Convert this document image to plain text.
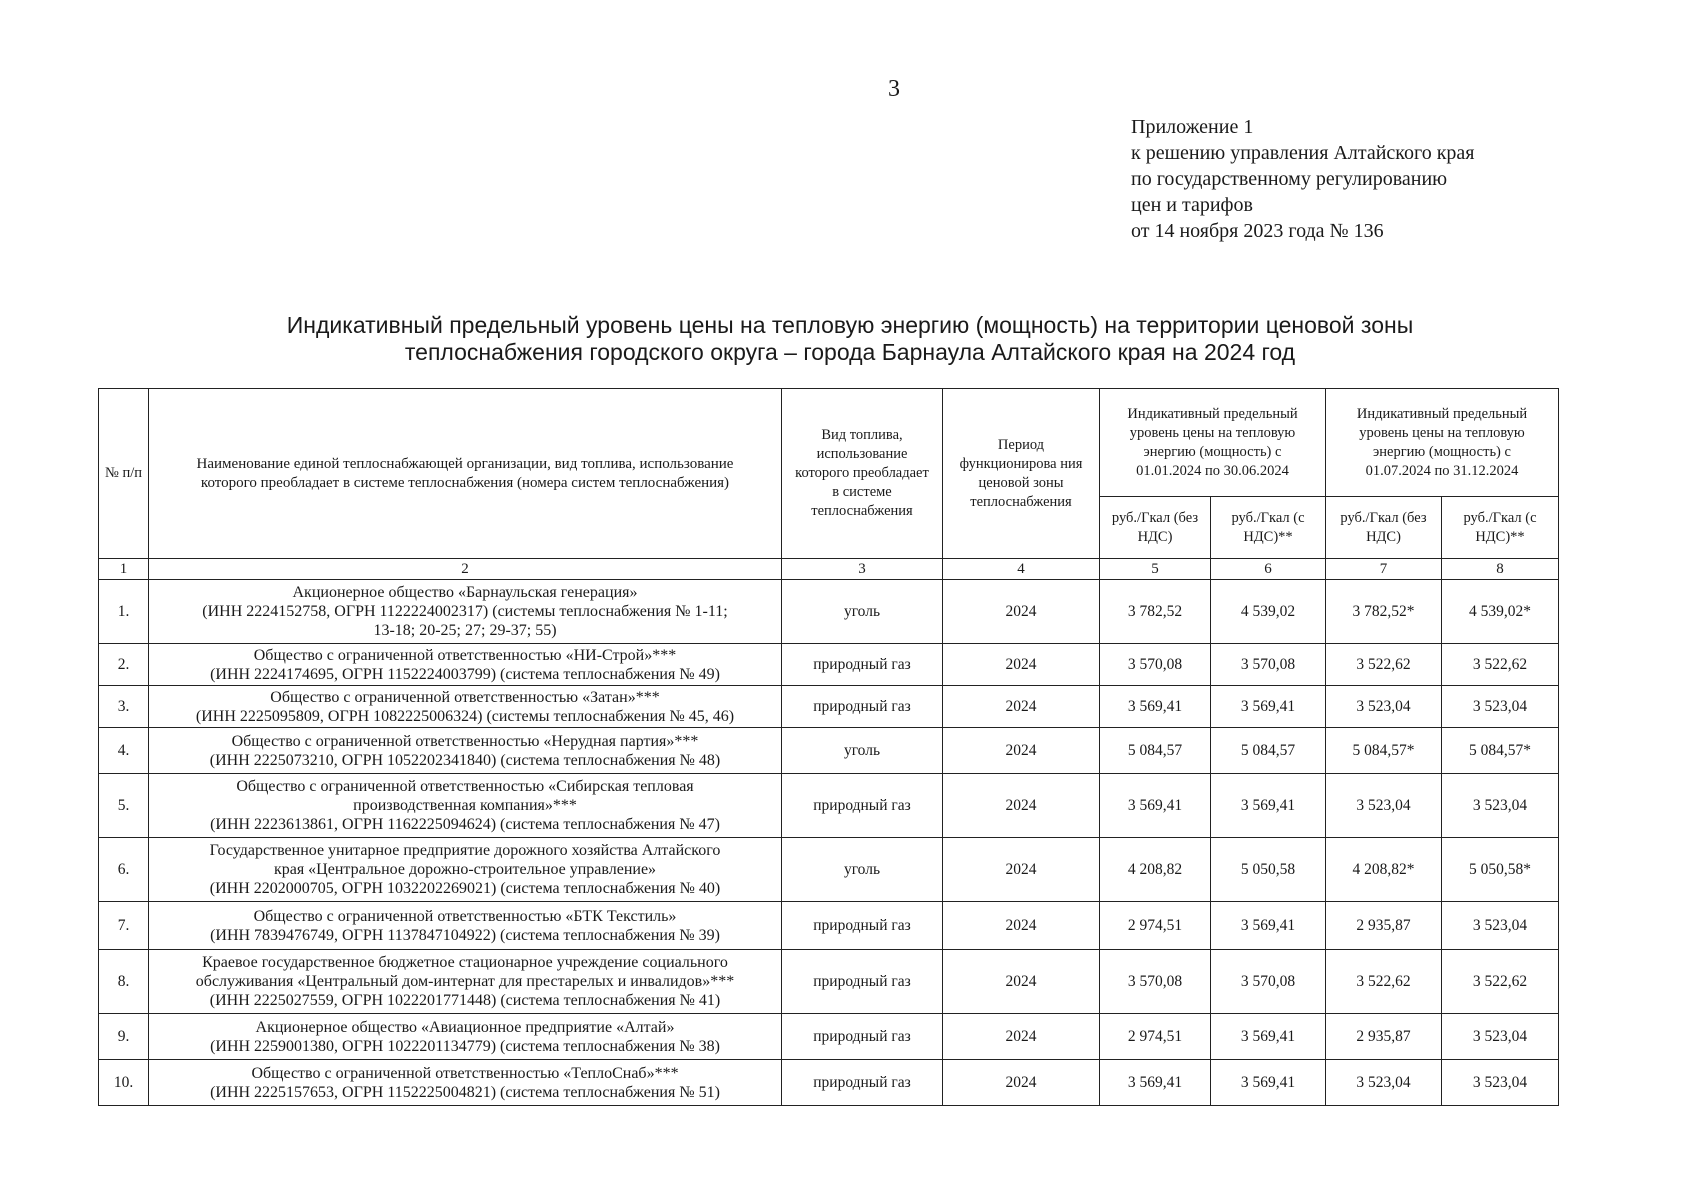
3
Приложение 1
к решению управления Алтайского края
по государственному регулированию
цен и тарифов
от 14 ноября 2023 года № 136
Индикативный предельный уровень цены на тепловую энергию (мощность) на территории ценовой зоны
теплоснабжения городского округа – города Барнаула Алтайского края на 2024 год
№ п/п	Наименование единой теплоснабжающей организации, вид топлива, использование которого преобладает в системе теплоснабжения (номера систем теплоснабжения)	Вид топлива, использование которого преобладает в системе теплоснабжения	Период функционирова ния ценовой зоны теплоснабжения	Индикативный предельный уровень цены на тепловую энергию (мощность) с 01.01.2024 по 30.06.2024		Индикативный предельный уровень цены на тепловую энергию (мощность) с 01.07.2024 по 31.12.2024	
				руб./Гкал (без НДС)	руб./Гкал (с НДС)**	руб./Гкал (без НДС)	руб./Гкал (с НДС)**
1	2	3	4	5	6	7	8
1.	Акционерное общество «Барнаульская генерация»
(ИНН 2224152758, ОГРН 1122224002317) (системы теплоснабжения № 1-11;
13-18; 20-25; 27; 29-37; 55)	уголь	2024	3 782,52	4 539,02	3 782,52*	4 539,02*
2.	Общество с ограниченной ответственностью «НИ-Строй»***
(ИНН 2224174695, ОГРН 1152224003799) (система теплоснабжения № 49)	природный газ	2024	3 570,08	3 570,08	3 522,62	3 522,62
3.	Общество с ограниченной ответственностью «Затан»***
(ИНН 2225095809, ОГРН 1082225006324) (системы теплоснабжения № 45, 46)	природный газ	2024	3 569,41	3 569,41	3 523,04	3 523,04
4.	Общество с ограниченной ответственностью «Нерудная партия»***
(ИНН 2225073210, ОГРН 1052202341840) (система теплоснабжения № 48)	уголь	2024	5 084,57	5 084,57	5 084,57*	5 084,57*
5.	Общество с ограниченной ответственностью «Сибирская тепловая
производственная компания»***
(ИНН 2223613861, ОГРН 1162225094624) (система теплоснабжения № 47)	природный газ	2024	3 569,41	3 569,41	3 523,04	3 523,04
6.	Государственное унитарное предприятие дорожного хозяйства Алтайского
края «Центральное дорожно-строительное управление»
(ИНН 2202000705, ОГРН 1032202269021) (система теплоснабжения № 40)	уголь	2024	4 208,82	5 050,58	4 208,82*	5 050,58*
7.	Общество с ограниченной ответственностью «БТК Текстиль»
(ИНН 7839476749, ОГРН 1137847104922) (система теплоснабжения № 39)	природный газ	2024	2 974,51	3 569,41	2 935,87	3 523,04
8.	Краевое государственное бюджетное стационарное учреждение социального
обслуживания «Центральный дом-интернат для престарелых и инвалидов»***
(ИНН 2225027559, ОГРН 1022201771448) (система теплоснабжения № 41)	природный газ	2024	3 570,08	3 570,08	3 522,62	3 522,62
9.	Акционерное общество «Авиационное предприятие «Алтай»
(ИНН 2259001380, ОГРН 1022201134779) (система теплоснабжения № 38)	природный газ	2024	2 974,51	3 569,41	2 935,87	3 523,04
10.	Общество с ограниченной ответственностью «ТеплоСнаб»***
(ИНН 2225157653, ОГРН 1152225004821) (система теплоснабжения № 51)	природный газ	2024	3 569,41	3 569,41	3 523,04	3 523,04
